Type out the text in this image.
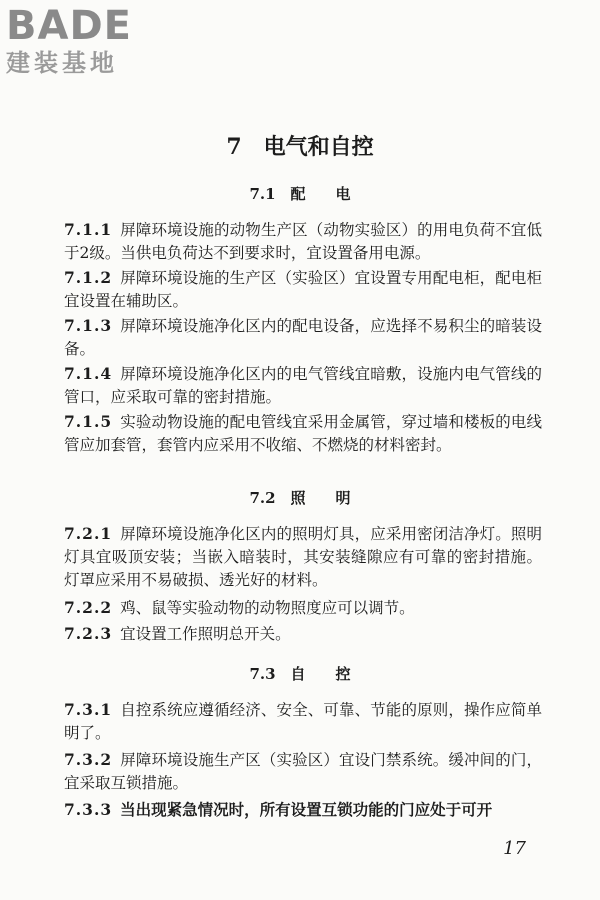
BADE
建装基地
7　电气和自控
7.1　配　　电
7.1.1 屏障环境设施的动物生产区（动物实验区）的用电负荷不宜低于2级。当供电负荷达不到要求时，宜设置备用电源。
7.1.2 屏障环境设施的生产区（实验区）宜设置专用配电柜，配电柜宜设置在辅助区。
7.1.3 屏障环境设施净化区内的配电设备，应选择不易积尘的暗装设备。
7.1.4 屏障环境设施净化区内的电气管线宜暗敷，设施内电气管线的管口，应采取可靠的密封措施。
7.1.5 实验动物设施的配电管线宜采用金属管，穿过墙和楼板的电线管应加套管，套管内应采用不收缩、不燃烧的材料密封。
7.2　照　　明
7.2.1 屏障环境设施净化区内的照明灯具，应采用密闭洁净灯。照明灯具宜吸顶安装；当嵌入暗装时，其安装缝隙应有可靠的密封措施。灯罩应采用不易破损、透光好的材料。
7.2.2 鸡、鼠等实验动物的动物照度应可以调节。
7.2.3 宜设置工作照明总开关。
7.3　自　　控
7.3.1 自控系统应遵循经济、安全、可靠、节能的原则，操作应简单明了。
7.3.2 屏障环境设施生产区（实验区）宜设门禁系统。缓冲间的门，宜采取互锁措施。
7.3.3 当出现紧急情况时，所有设置互锁功能的门应处于可开
17
